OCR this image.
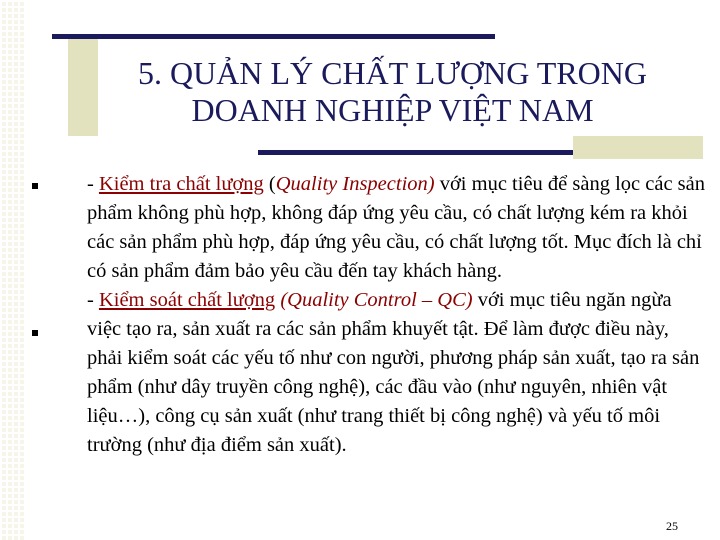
5. QUẢN LÝ CHẤT LƯỢNG TRONG
DOANH NGHIỆP VIỆT NAM

- Kiểm tra chất lượng (Quality Inspection) với mục tiêu để sàng lọc các sản phẩm không phù hợp, không đáp ứng yêu cầu, có chất lượng kém ra khỏi các sản phẩm phù hợp, đáp ứng yêu cầu, có chất lượng tốt. Mục đích là chỉ có sản phẩm đảm bảo yêu cầu đến tay khách hàng.

- Kiểm soát chất lượng (Quality Control – QC) với mục tiêu ngăn ngừa việc tạo ra, sản xuất ra các sản phẩm khuyết tật. Để làm được điều này, phải kiểm soát các yếu tố như con người, phương pháp sản xuất, tạo ra sản phẩm (như dây truyền công nghệ), các đầu vào (như nguyên, nhiên vật liệu…), công cụ sản xuất (như trang thiết bị công nghệ) và yếu tố môi trường (như địa điểm sản xuất).

25
